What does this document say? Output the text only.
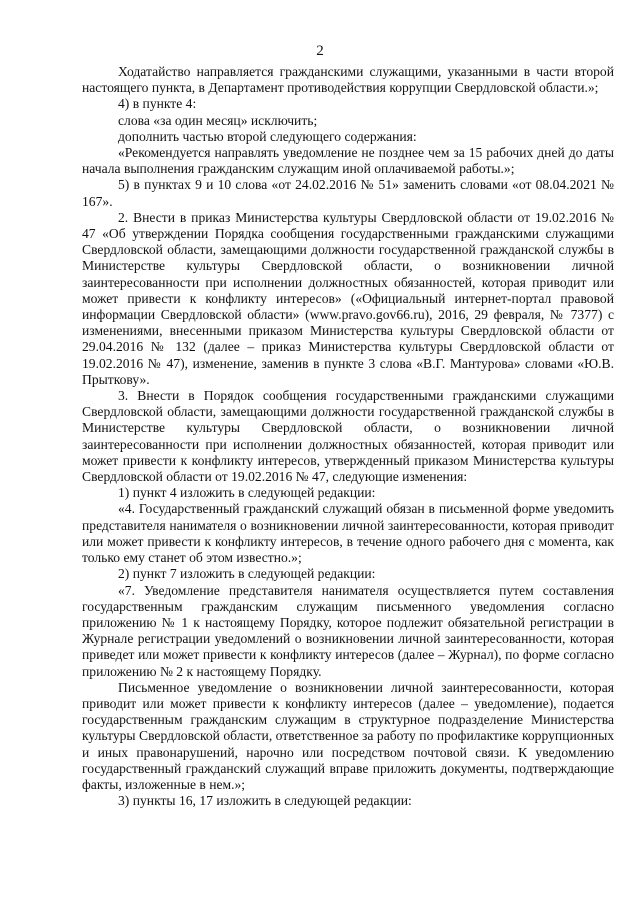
2

Ходатайство направляется гражданскими служащими, указанными в части второй настоящего пункта, в Департамент противодействия коррупции Свердловской области.»;

4) в пункте 4:

слова «за один месяц» исключить;

дополнить частью второй следующего содержания:

«Рекомендуется направлять уведомление не позднее чем за 15 рабочих дней до даты начала выполнения гражданским служащим иной оплачиваемой работы.»;

5) в пунктах 9 и 10 слова «от 24.02.2016 № 51» заменить словами «от 08.04.2021 № 167».

2. Внести в приказ Министерства культуры Свердловской области от 19.02.2016 № 47 «Об утверждении Порядка сообщения государственными гражданскими служащими Свердловской области, замещающими должности государственной гражданской службы в Министерстве культуры Свердловской области, о возникновении личной заинтересованности при исполнении должностных обязанностей, которая приводит или может привести к конфликту интересов» («Официальный интернет-портал правовой информации Свердловской области» (www.pravo.gov66.ru), 2016, 29 февраля, № 7377) с изменениями, внесенными приказом Министерства культуры Свердловской области от 29.04.2016 № 132 (далее – приказ Министерства культуры Свердловской области от 19.02.2016 № 47), изменение, заменив в пункте 3 слова «В.Г. Мантурова» словами «Ю.В. Прыткову».

3. Внести в Порядок сообщения государственными гражданскими служащими Свердловской области, замещающими должности государственной гражданской службы в Министерстве культуры Свердловской области, о возникновении личной заинтересованности при исполнении должностных обязанностей, которая приводит или может привести к конфликту интересов, утвержденный приказом Министерства культуры Свердловской области от 19.02.2016 № 47, следующие изменения:

1) пункт 4 изложить в следующей редакции:

«4. Государственный гражданский служащий обязан в письменной форме уведомить представителя нанимателя о возникновении личной заинтересованности, которая приводит или может привести к конфликту интересов, в течение одного рабочего дня с момента, как только ему станет об этом известно.»;

2) пункт 7 изложить в следующей редакции:

«7. Уведомление представителя нанимателя осуществляется путем составления государственным гражданским служащим письменного уведомления согласно приложению № 1 к настоящему Порядку, которое подлежит обязательной регистрации в Журнале регистрации уведомлений о возникновении личной заинтересованности, которая приведет или может привести к конфликту интересов (далее – Журнал), по форме согласно приложению № 2 к настоящему Порядку.

Письменное уведомление о возникновении личной заинтересованности, которая приводит или может привести к конфликту интересов (далее – уведомление), подается государственным гражданским служащим в структурное подразделение Министерства культуры Свердловской области, ответственное за работу по профилактике коррупционных и иных правонарушений, нарочно или посредством почтовой связи. К уведомлению государственный гражданский служащий вправе приложить документы, подтверждающие факты, изложенные в нем.»;

3) пункты 16, 17 изложить в следующей редакции:
